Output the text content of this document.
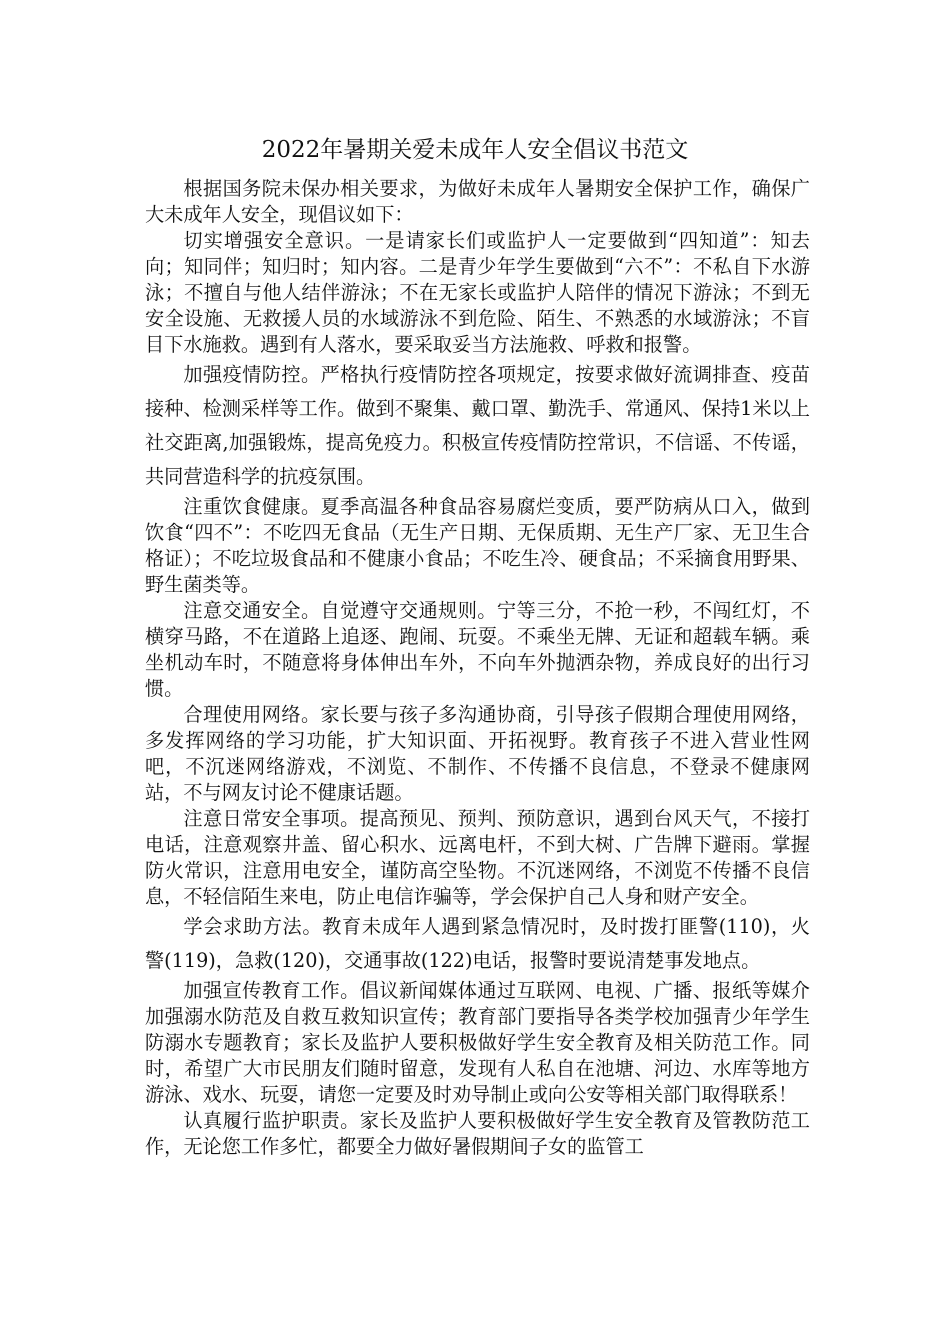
2022年暑期关爱未成年人安全倡议书范文

根据国务院未保办相关要求，为做好未成年人暑期安全保护工作，确保广大未成年人安全，现倡议如下：

切实增强安全意识。一是请家长们或监护人一定要做到“四知道”：知去向；知同伴；知归时；知内容。二是青少年学生要做到“六不”：不私自下水游泳；不擅自与他人结伴游泳；不在无家长或监护人陪伴的情况下游泳；不到无安全设施、无救援人员的水域游泳不到危险、陌生、不熟悉的水域游泳；不盲目下水施救。遇到有人落水，要采取妥当方法施救、呼救和报警。

加强疫情防控。严格执行疫情防控各项规定，按要求做好流调排查、疫苗接种、检测采样等工作。做到不聚集、戴口罩、勤洗手、常通风、保持1米以上社交距离,加强锻炼，提高免疫力。积极宣传疫情防控常识，不信谣、不传谣，共同营造科学的抗疫氛围。

注重饮食健康。夏季高温各种食品容易腐烂变质，要严防病从口入，做到饮食“四不”：不吃四无食品（无生产日期、无保质期、无生产厂家、无卫生合格证）；不吃垃圾食品和不健康小食品；不吃生冷、硬食品；不采摘食用野果、野生菌类等。

注意交通安全。自觉遵守交通规则。宁等三分，不抢一秒，不闯红灯，不横穿马路，不在道路上追逐、跑闹、玩耍。不乘坐无牌、无证和超载车辆。乘坐机动车时，不随意将身体伸出车外，不向车外抛洒杂物，养成良好的出行习惯。

合理使用网络。家长要与孩子多沟通协商，引导孩子假期合理使用网络，多发挥网络的学习功能，扩大知识面、开拓视野。教育孩子不进入营业性网吧，不沉迷网络游戏，不浏览、不制作、不传播不良信息，不登录不健康网站，不与网友讨论不健康话题。

注意日常安全事项。提高预见、预判、预防意识，遇到台风天气，不接打电话，注意观察井盖、留心积水、远离电杆，不到大树、广告牌下避雨。掌握防火常识，注意用电安全，谨防高空坠物。不沉迷网络，不浏览不传播不良信息，不轻信陌生来电，防止电信诈骗等，学会保护自己人身和财产安全。

学会求助方法。教育未成年人遇到紧急情况时，及时拨打匪警(110)，火警(119)，急救(120)，交通事故(122)电话，报警时要说清楚事发地点。

加强宣传教育工作。倡议新闻媒体通过互联网、电视、广播、报纸等媒介加强溺水防范及自救互救知识宣传；教育部门要指导各类学校加强青少年学生防溺水专题教育；家长及监护人要积极做好学生安全教育及相关防范工作。同时，希望广大市民朋友们随时留意，发现有人私自在池塘、河边、水库等地方游泳、戏水、玩耍，请您一定要及时劝导制止或向公安等相关部门取得联系！

认真履行监护职责。家长及监护人要积极做好学生安全教育及管教防范工作，无论您工作多忙，都要全力做好暑假期间子女的监管工
